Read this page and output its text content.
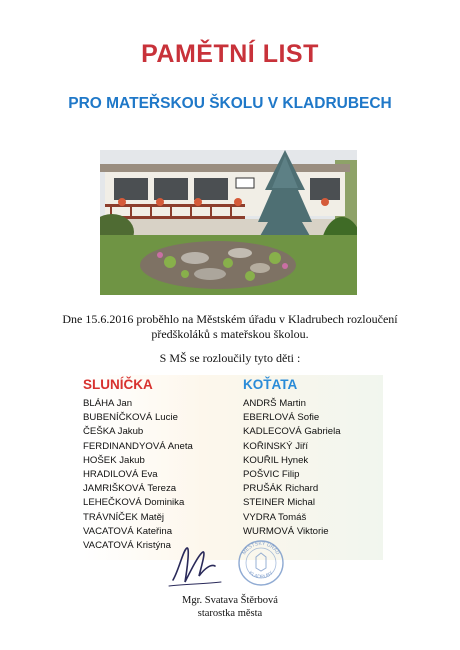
PAMĚTNÍ LIST
PRO MATEŘSKOU ŠKOLU V KLADRUBECH
Dne 15.6.2016 proběhlo na Městském úřadu v Kladrubech rozloučení
předškoláků s mateřskou školou.
S MŠ se rozloučily tyto děti :
SLUNÍČKA
BLÁHA Jan
BUBENÍČKOVÁ Lucie
ČEŠKA Jakub
FERDINANDYOVÁ Aneta
HOŠEK Jakub
HRADILOVÁ Eva
JAMRIŠKOVÁ Tereza
LEHEČKOVÁ Dominika
TRÁVNÍČEK Matěj
VACATOVÁ Kateřina
VACATOVÁ Kristýna
KOŤATA
ANDRŠ Martin
EBERLOVÁ Sofie
KADLECOVÁ Gabriela
KOŘINSKÝ Jiří
KOUŘIL Hynek
POŠVIC Filip
PRUŠÁK Richard
STEINER Michal
VYDRA Tomáš
WURMOVÁ Viktorie
MĚSTSKÝ ÚŘAD
KLADRUBY
Mgr. Svatava Štěrbová
starostka města
